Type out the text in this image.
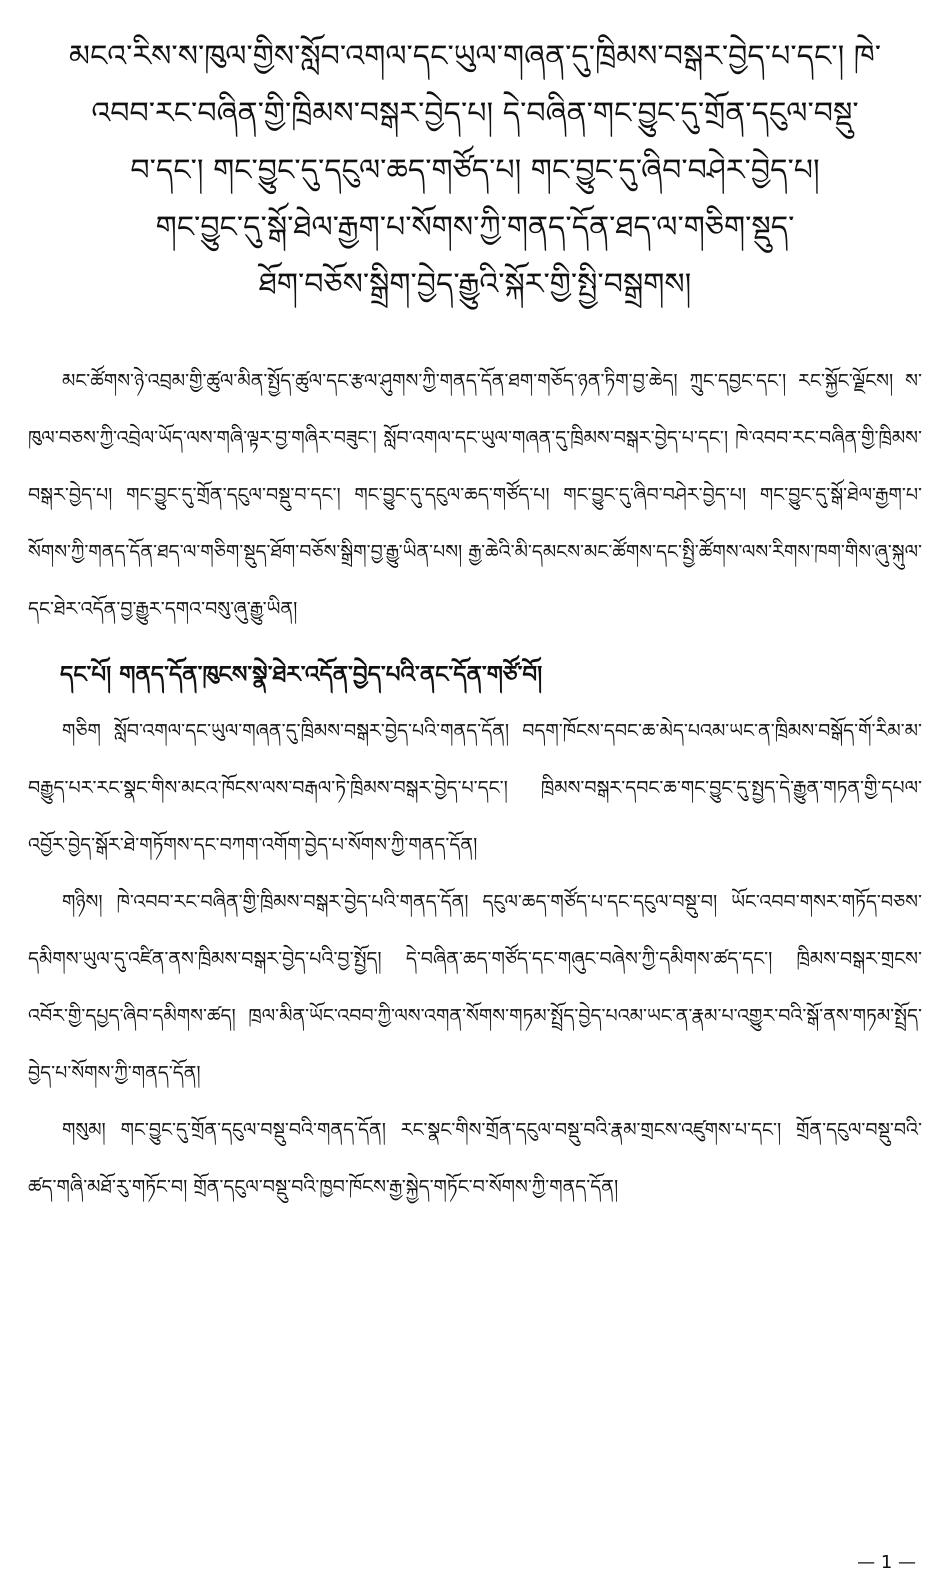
མངའ་རིས་ས་ཁུལ་གྱིས་སློབ་འགལ་དང་ཡུལ་གཞན་དུ་ཁྲིམས་བསྒར་བྱེད་པ་དང་། ཁེ་
འབབ་རང་བཞིན་གྱི་ཁྲིམས་བསྒར་བྱེད་པ། དེ་བཞིན་གང་བྱུང་དུ་གྲོན་དངུལ་བསྡུ་
བ་དང་། གང་བྱུང་དུ་དངུལ་ཆད་གཙོད་པ། གང་བྱུང་དུ་ཞིབ་བཤེར་བྱེད་པ།
གང་བྱུང་དུ་སྒོ་ཐེལ་རྒྱག་པ་སོགས་ཀྱི་གནད་དོན་ཐད་ལ་གཅིག་སྡུད་
ཐོག་བཅོས་སྒྲིག་བྱེད་རྒྱུའི་སྐོར་གྱི་སྤྱི་བསྒྲགས།

མང་ཚོགས་ཉེ་འབྲམ་གྱི་ཚུལ་མིན་སྤྱོད་ཚུལ་དང་རྩལ་ཤུགས་ཀྱི་གནད་དོན་ཐག་གཅོད་ཉན་ཏིག་བྱ་ཆེད། ཀྲུང་དབྱང་དང་། རང་སྐྱོང་ལྗོངས། ས་ཁུལ་བཅས་ཀྱི་འབྲེལ་ཡོད་ལས་གཞི་ལྟར་བྱ་གཞིར་བཟུང་། སློབ་འགལ་དང་ཡུལ་གཞན་དུ་ཁྲིམས་བསྒར་བྱེད་པ་དང་། ཁེ་འབབ་རང་བཞིན་གྱི་ཁྲིམས་བསྒར་བྱེད་པ། གང་བྱུང་དུ་གྲོན་དངུལ་བསྡུ་བ་དང་། གང་བྱུང་དུ་དངུལ་ཆད་གཙོད་པ། གང་བྱུང་དུ་ཞིབ་བཤེར་བྱེད་པ། གང་བྱུང་དུ་སྒོ་ཐེལ་རྒྱག་པ་སོགས་ཀྱི་གནད་དོན་ཐད་ལ་གཅིག་སྡུད་ཐོག་བཅོས་སྒྲིག་བྱ་རྒྱུ་ཡིན་པས། རྒྱ་ཆེའི་མི་དམངས་མང་ཚོགས་དང་སྤྱི་ཚོགས་ལས་རིགས་ཁག་གིས་ཞུ་སྐུལ་དང་ཐེར་འདོན་བྱ་རྒྱུར་དགའ་བསུ་ཞུ་རྒྱུ་ཡིན།

དང་པོ། གནད་དོན་ཁུངས་སྣེ་ཐེར་འདོན་བྱེད་པའི་ནང་དོན་གཙོ་བོ།

གཅིག སློབ་འགལ་དང་ཡུལ་གཞན་དུ་ཁྲིམས་བསྒར་བྱེད་པའི་གནད་དོན། བདག་ཁོངས་དབང་ཆ་མེད་པའམ་ཡང་ན་ཁྲིམས་བསྒོད་གོ་རིམ་མ་བརྒྱུད་པར་རང་སྣང་གིས་མངའ་ཁོངས་ལས་བརྒལ་ཏེ་ཁྲིམས་བསྒར་བྱེད་པ་དང་། ཁྲིམས་བསྒར་དབང་ཆ་གང་བྱུང་དུ་སྤྱད་དེ་རྒྱུན་གཏན་གྱི་དཔལ་འབྱོར་བྱེད་སྒོར་ཐེ་གཏོགས་དང་བཀག་འགོག་བྱེད་པ་སོགས་ཀྱི་གནད་དོན།

གཉིས། ཁེ་འབབ་རང་བཞིན་གྱི་ཁྲིམས་བསྒར་བྱེད་པའི་གནད་དོན། དངུལ་ཆད་གཙོད་པ་དང་དངུལ་བསྡུ་བ། ཡོང་འབབ་གསར་གཏོད་བཅས་དམིགས་ཡུལ་དུ་འཛིན་ནས་ཁྲིམས་བསྒར་བྱེད་པའི་བྱ་སྤྱོད། དེ་བཞིན་ཆད་གཙོད་དང་གཞུང་བཞེས་ཀྱི་དམིགས་ཚད་དང་། ཁྲིམས་བསྒར་གྲངས་འབོར་གྱི་དཔྱད་ཞིབ་དམིགས་ཚད། ཁྲལ་མིན་ཡོང་འབབ་ཀྱི་ལས་འགན་སོགས་གཏམ་སྤྲོད་བྱེད་པའམ་ཡང་ན་རྣམ་པ་འགྱུར་བའི་སྒོ་ནས་གཏམ་སྤྲོད་བྱེད་པ་སོགས་ཀྱི་གནད་དོན།

གསུམ། གང་བྱུང་དུ་གྲོན་དངུལ་བསྡུ་བའི་གནད་དོན། རང་སྣང་གིས་གྲོན་དངུལ་བསྡུ་བའི་རྣམ་གྲངས་འཛུགས་པ་དང་། གྲོན་དངུལ་བསྡུ་བའི་ཚད་གཞི་མཐོ་རུ་གཏོང་བ། གྲོན་དངུལ་བསྡུ་བའི་ཁྱབ་ཁོངས་རྒྱ་སྐྱེད་གཏོང་བ་སོགས་ཀྱི་གནད་དོན།

— 1 —
